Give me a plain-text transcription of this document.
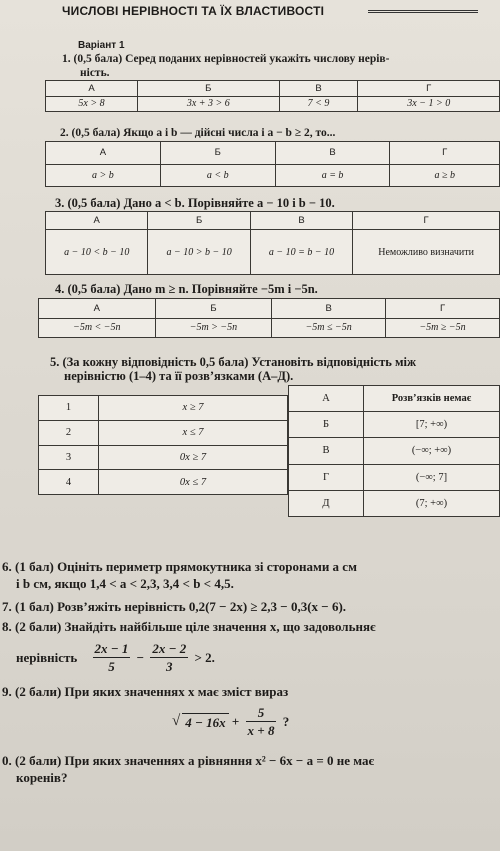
ЧИСЛОВІ НЕРІВНОСТІ ТА ЇХ ВЛАСТИВОСТІ
Варіант 1
1. (0,5 бала) Серед поданих нерівностей укажіть числову нерів-
ність.
А	Б	В	Г
5x > 8	3x + 3 > 6	7 < 9	3x − 1 > 0
2. (0,5 бала) Якщо a і b — дійсні числа і a − b ≥ 2, то...
А	Б	В	Г
a > b	a < b	a = b	a ≥ b
3. (0,5 бала) Дано a < b. Порівняйте a − 10 і b − 10.
А	Б	В	Г
a − 10 < b − 10	a − 10 > b − 10	a − 10 = b − 10	Неможливо визначити
4. (0,5 бала) Дано m ≥ n. Порівняйте −5m і −5n.
А	Б	В	Г
−5m < −5n	−5m > −5n	−5m ≤ −5n	−5m ≥ −5n
5. (За кожну відповідність 0,5 бала) Установіть відповідність між
нерівністю (1–4) та її розв’язками (А–Д).
1	x ≥ 7
2	x ≤ 7
3	0x ≥ 7
4	0x ≤ 7
А	Розв’язків немає
Б	[7; +∞)
В	(−∞; +∞)
Г	(−∞; 7]
Д	(7; +∞)
6. (1 бал) Оцініть периметр прямокутника зі сторонами a см
і b см, якщо 1,4 < a < 2,3, 3,4 < b < 4,5.
7. (1 бал) Розв’яжіть нерівність 0,2(7 − 2x) ≥ 2,3 − 0,3(x − 6).
8. (2 бали) Знайдіть найбільше ціле значення x, що задовольняє
нерівність $\frac{2x - 1}{5} - \frac{2x - 2}{3} > 2$.
9. (2 бали) При яких значеннях x має зміст вираз
√ $4 - 16x + \frac{5}{x + 8}$ ?
0. (2 бали) При яких значеннях a рівняння x² − 6x − a = 0 не має
коренів?
